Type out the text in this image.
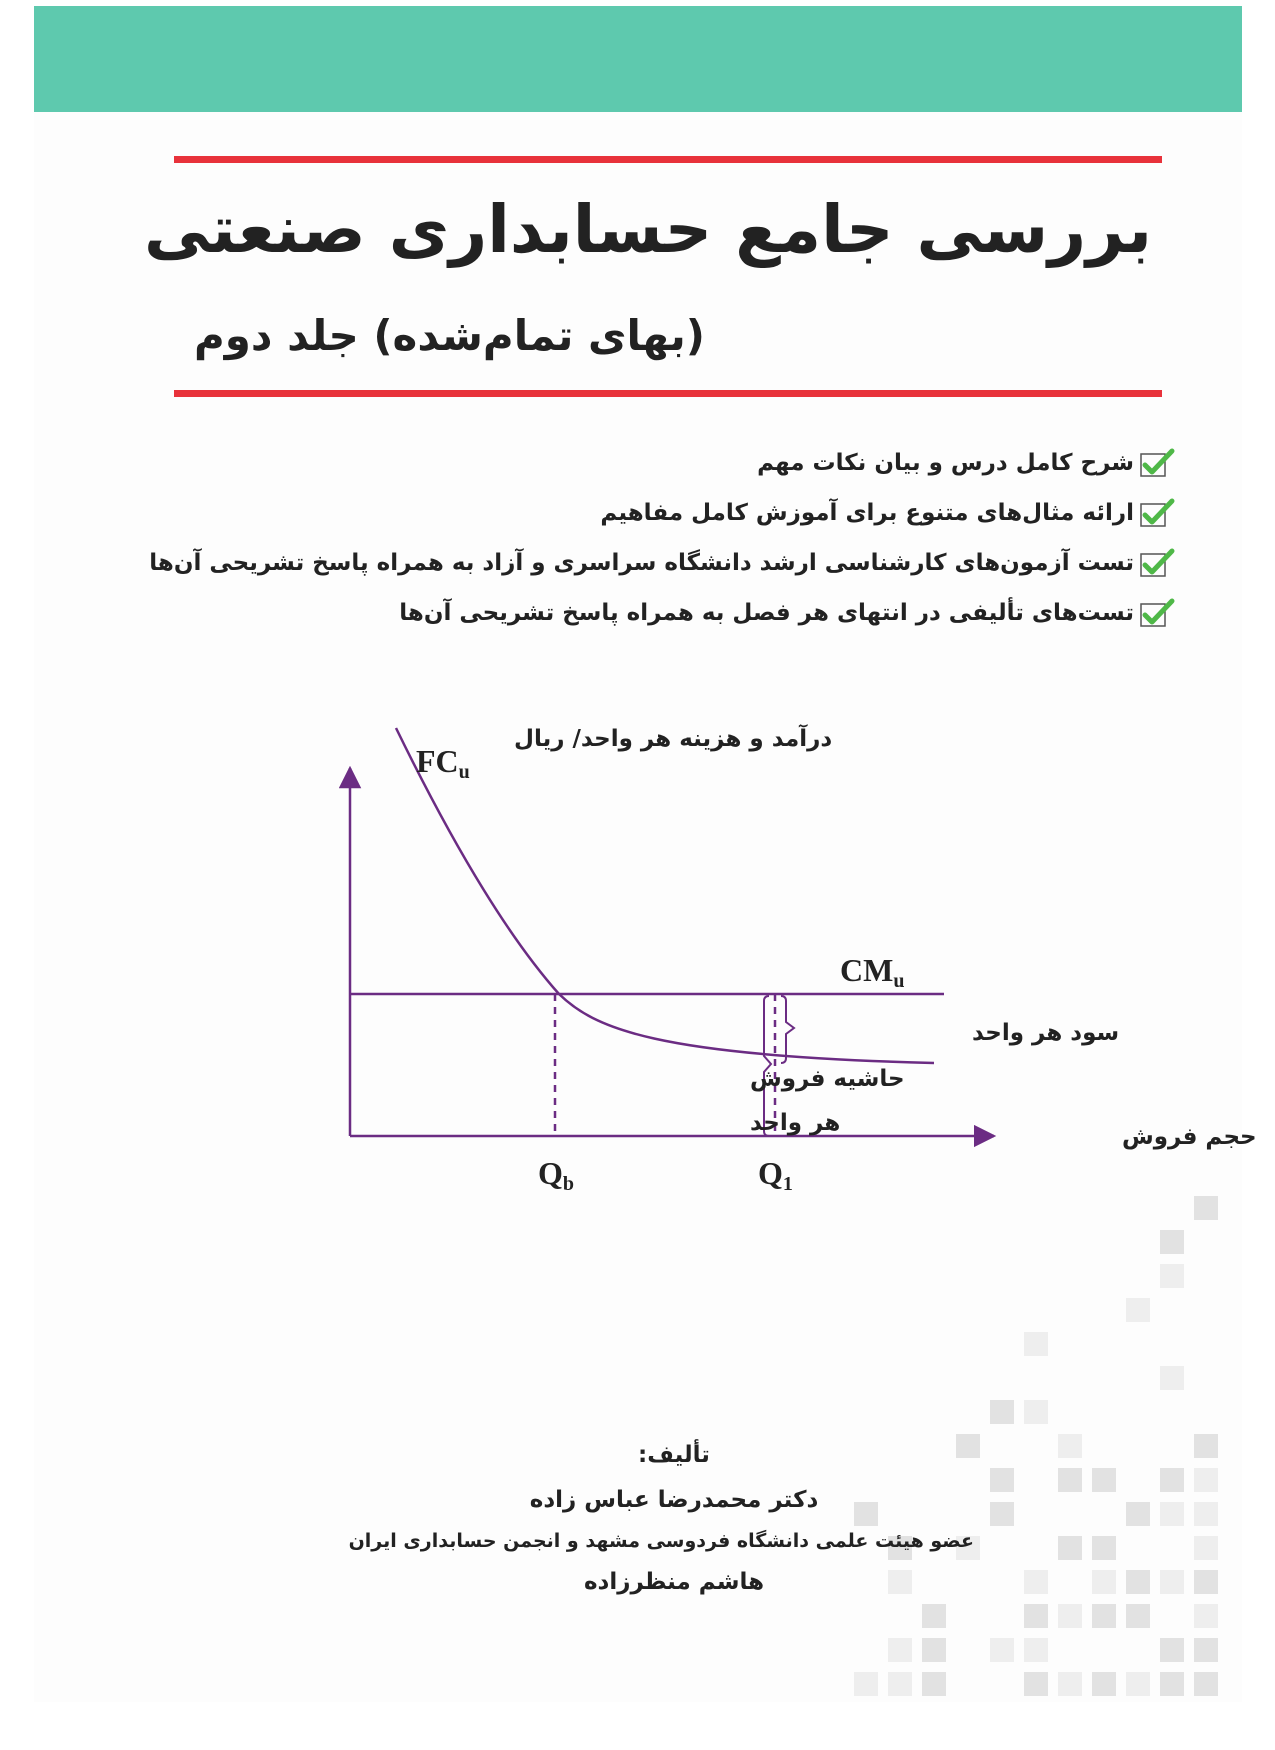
بررسی جامع حسابداری صنعتی
(بهای تمام‌شده) جلد دوم
شرح کامل درس و بیان نکات مهم
ارائه مثال‌های متنوع برای آموزش کامل مفاهیم
تست آزمون‌های کارشناسی ارشد دانشگاه سراسری و آزاد به همراه پاسخ تشریحی آن‌ها
تست‌های تألیفی در انتهای هر فصل به همراه پاسخ تشریحی آن‌ها
درآمد و هزینه هر واحد/ ریال
حجم فروش
FCu
CMu
سود هر واحد
حاشیه فروش
هر واحد
Qb	Q1
تألیف:
دکتر محمدرضا عباس زاده
عضو هیئت علمی دانشگاه فردوسی مشهد و انجمن حسابداری ایران
هاشم منظرزاده
